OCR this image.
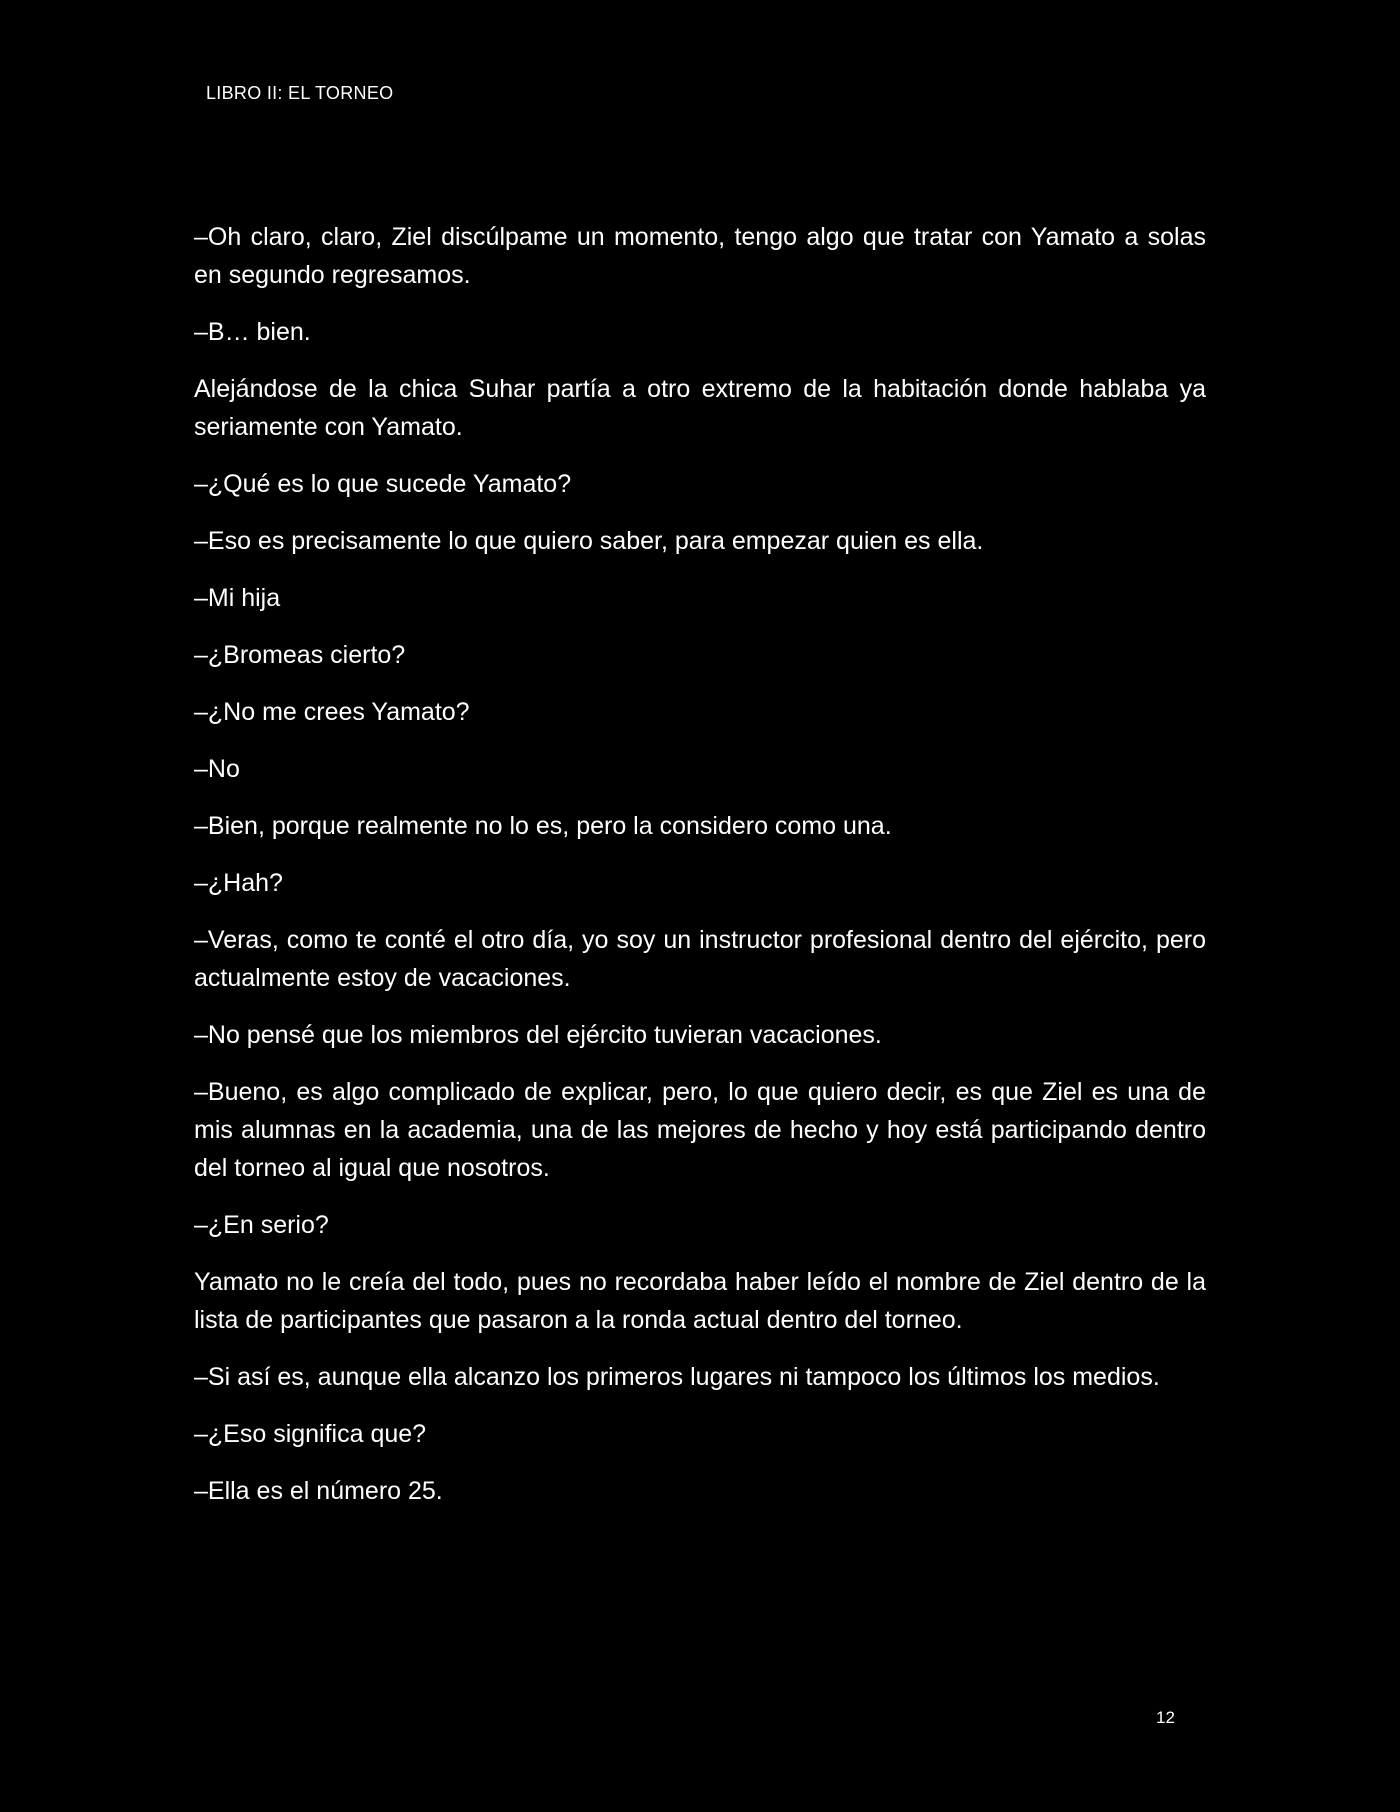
LIBRO II: EL TORNEO

–Oh claro, claro, Ziel discúlpame un momento, tengo algo que tratar con Yamato a solas en segundo regresamos.

–B… bien.

Alejándose de la chica Suhar partía a otro extremo de la habitación donde hablaba ya seriamente con Yamato.

–¿Qué es lo que sucede Yamato?

–Eso es precisamente lo que quiero saber, para empezar quien es ella.

–Mi hija

–¿Bromeas cierto?

–¿No me crees Yamato?

–No

–Bien, porque realmente no lo es, pero la considero como una.

–¿Hah?

–Veras, como te conté el otro día, yo soy un instructor profesional dentro del ejército, pero actualmente estoy de vacaciones.

–No pensé que los miembros del ejército tuvieran vacaciones.

–Bueno, es algo complicado de explicar, pero, lo que quiero decir, es que Ziel es una de mis alumnas en la academia, una de las mejores de hecho y hoy está participando dentro del torneo al igual que nosotros.

–¿En serio?

Yamato no le creía del todo, pues no recordaba haber leído el nombre de Ziel dentro de la lista de participantes que pasaron a la ronda actual dentro del torneo.

–Si así es, aunque ella alcanzo los primeros lugares ni tampoco los últimos los medios.

–¿Eso significa que?

–Ella es el número 25.

12
